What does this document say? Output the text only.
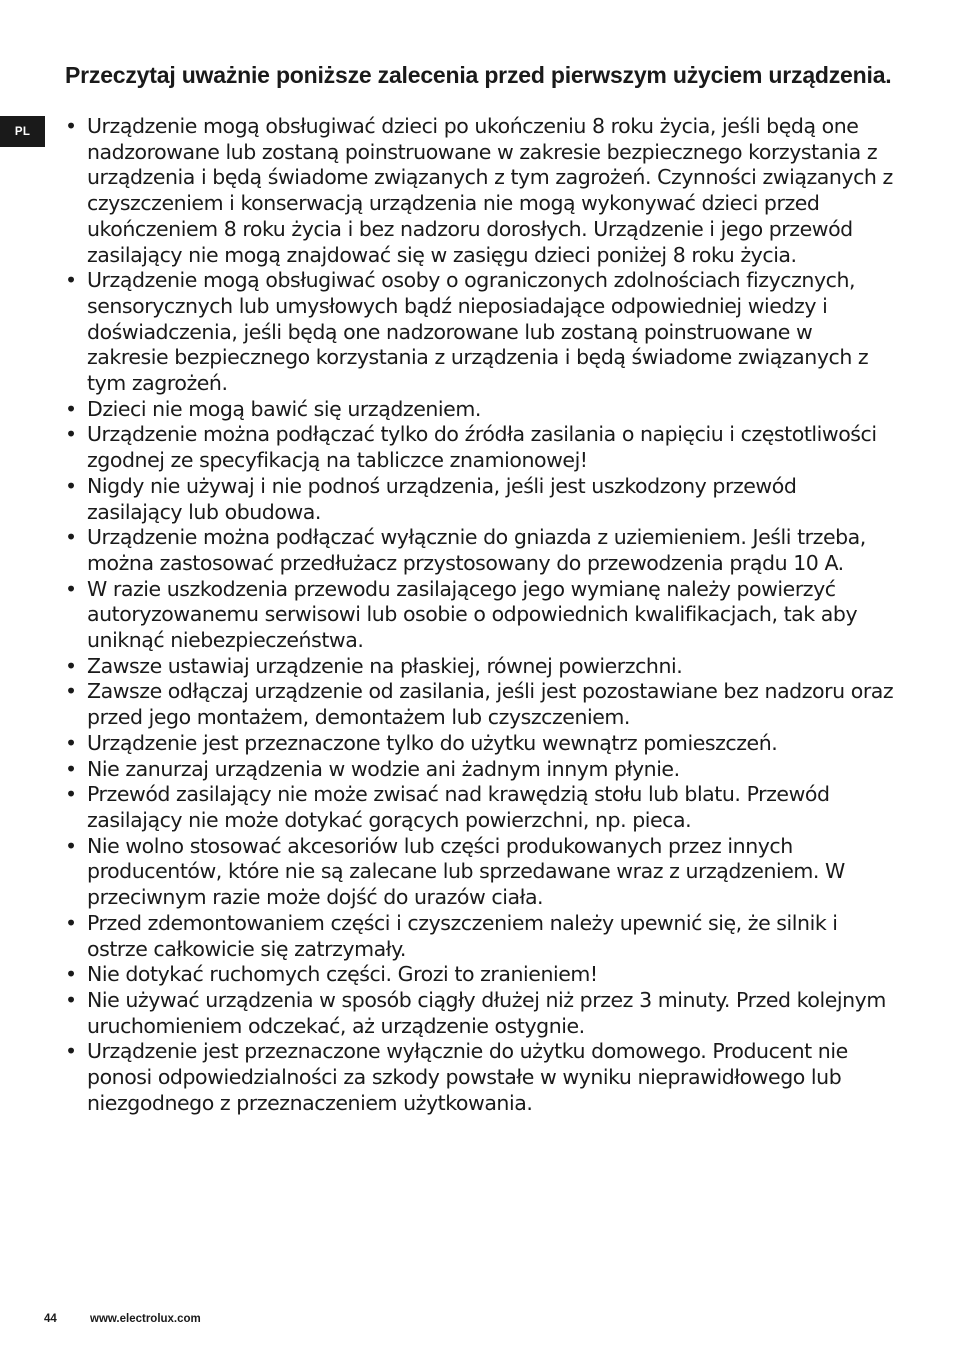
PL
Przeczytaj uważnie poniższe zalecenia przed pierwszym użyciem urządzenia.
• Urządzenie mogą obsługiwać dzieci po ukończeniu 8 roku życia, jeśli będą one nadzorowane lub zostaną poinstruowane w zakresie bezpiecznego korzystania z urządzenia i będą świadome związanych z tym zagrożeń. Czynności związanych z czyszczeniem i konserwacją urządzenia nie mogą wykonywać dzieci przed ukończeniem 8 roku życia i bez nadzoru dorosłych. Urządzenie i jego przewód zasilający nie mogą znajdować się w zasięgu dzieci poniżej 8 roku życia.
• Urządzenie mogą obsługiwać osoby o ograniczonych zdolnościach fizycznych, sensorycznych lub umysłowych bądź nieposiadające odpowiedniej wiedzy i doświadczenia, jeśli będą one nadzorowane lub zostaną poinstruowane w zakresie bezpiecznego korzystania z urządzenia i będą świadome związanych z tym zagrożeń.
• Dzieci nie mogą bawić się urządzeniem.
• Urządzenie można podłączać tylko do źródła zasilania o napięciu i częstotliwości zgodnej ze specyfikacją na tabliczce znamionowej!
• Nigdy nie używaj i nie podnoś urządzenia, jeśli jest uszkodzony przewód zasilający lub obudowa.
• Urządzenie można podłączać wyłącznie do gniazda z uziemieniem. Jeśli trzeba, można zastosować przedłużacz przystosowany do przewodzenia prądu 10 A.
• W razie uszkodzenia przewodu zasilającego jego wymianę należy powierzyć autoryzowanemu serwisowi lub osobie o odpowiednich kwalifikacjach, tak aby uniknąć niebezpieczeństwa.
• Zawsze ustawiaj urządzenie na płaskiej, równej powierzchni.
• Zawsze odłączaj urządzenie od zasilania, jeśli jest pozostawiane bez nadzoru oraz przed jego montażem, demontażem lub czyszczeniem.
• Urządzenie jest przeznaczone tylko do użytku wewnątrz pomieszczeń.
• Nie zanurzaj urządzenia w wodzie ani żadnym innym płynie.
• Przewód zasilający nie może zwisać nad krawędzią stołu lub blatu. Przewód zasilający nie może dotykać gorących powierzchni, np. pieca.
• Nie wolno stosować akcesoriów lub części produkowanych przez innych producentów, które nie są zalecane lub sprzedawane wraz z urządzeniem. W przeciwnym razie może dojść do urazów ciała.
• Przed zdemontowaniem części i czyszczeniem należy upewnić się, że silnik i ostrze całkowicie się zatrzymały.
• Nie dotykać ruchomych części. Grozi to zranieniem!
• Nie używać urządzenia w sposób ciągły dłużej niż przez 3 minuty. Przed kolejnym uruchomieniem odczekać, aż urządzenie ostygnie.
• Urządzenie jest przeznaczone wyłącznie do użytku domowego. Producent nie ponosi odpowiedzialności za szkody powstałe w wyniku nieprawidłowego lub niezgodnego z przeznaczeniem użytkowania.
44	www.electrolux.com
